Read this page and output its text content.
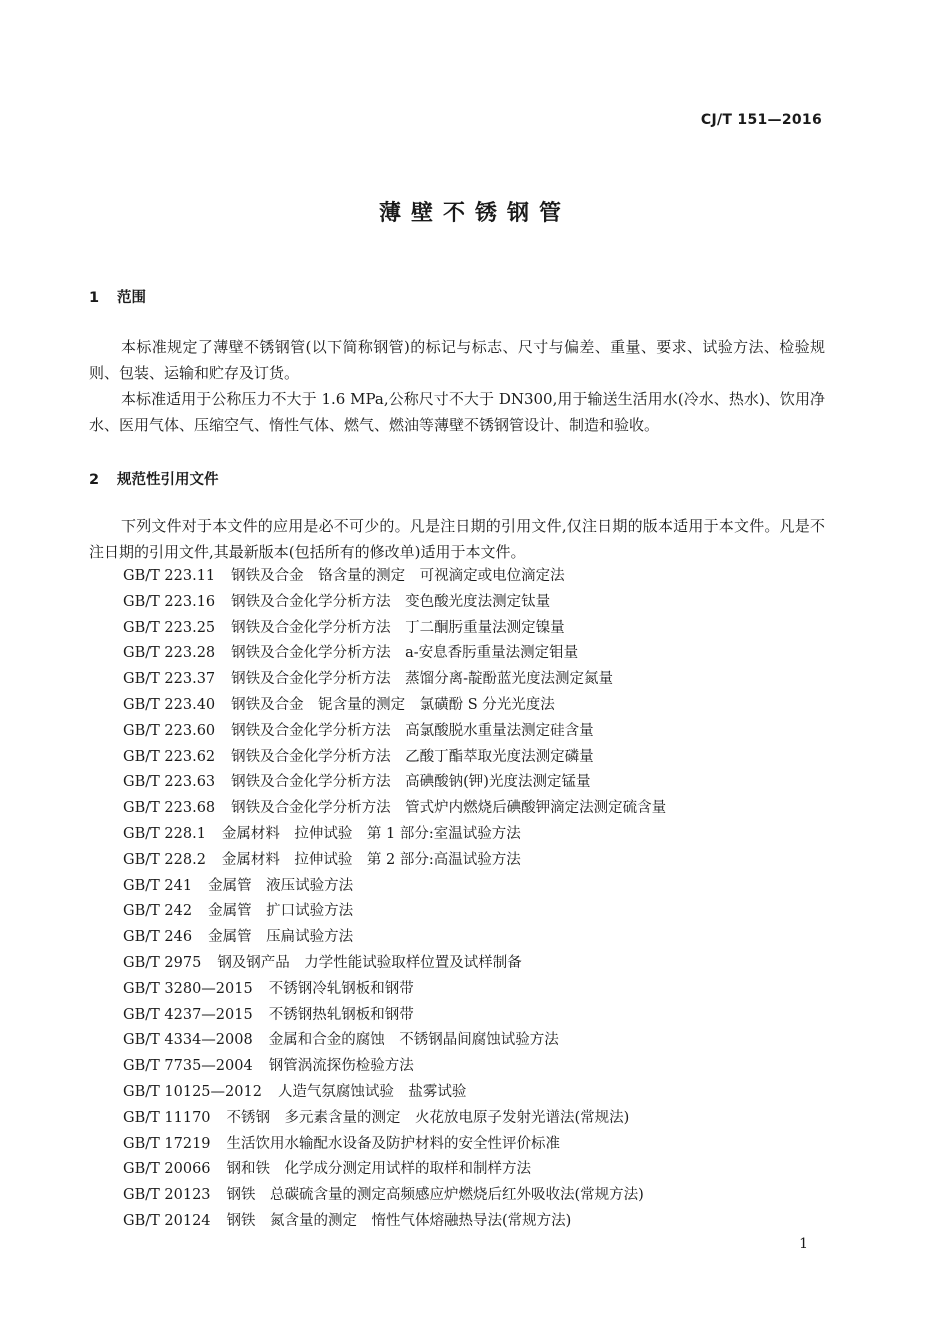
CJ/T 151—2016
薄壁不锈钢管
1 范围

本标准规定了薄壁不锈钢管(以下简称钢管)的标记与标志、尺寸与偏差、重量、要求、试验方法、检验规则、包装、运输和贮存及订货。

本标准适用于公称压力不大于 1.6 MPa,公称尺寸不大于 DN300,用于输送生活用水(冷水、热水)、饮用净水、医用气体、压缩空气、惰性气体、燃气、燃油等薄壁不锈钢管设计、制造和验收。

2 规范性引用文件

下列文件对于本文件的应用是必不可少的。凡是注日期的引用文件,仅注日期的版本适用于本文件。凡是不注日期的引用文件,其最新版本(包括所有的修改单)适用于本文件。

GB/T 223.11 钢铁及合金　铬含量的测定　可视滴定或电位滴定法
GB/T 223.16 钢铁及合金化学分析方法　变色酸光度法测定钛量
GB/T 223.25 钢铁及合金化学分析方法　丁二酮肟重量法测定镍量
GB/T 223.28 钢铁及合金化学分析方法　a-安息香肟重量法测定钼量
GB/T 223.37 钢铁及合金化学分析方法　蒸馏分离-靛酚蓝光度法测定氮量
GB/T 223.40 钢铁及合金　铌含量的测定　氯磺酚 S 分光光度法
GB/T 223.60 钢铁及合金化学分析方法　高氯酸脱水重量法测定硅含量
GB/T 223.62 钢铁及合金化学分析方法　乙酸丁酯萃取光度法测定磷量
GB/T 223.63 钢铁及合金化学分析方法　高碘酸钠(钾)光度法测定锰量
GB/T 223.68 钢铁及合金化学分析方法　管式炉内燃烧后碘酸钾滴定法测定硫含量
GB/T 228.1 金属材料　拉伸试验　第 1 部分:室温试验方法
GB/T 228.2 金属材料　拉伸试验　第 2 部分:高温试验方法
GB/T 241 金属管　液压试验方法
GB/T 242 金属管　扩口试验方法
GB/T 246 金属管　压扁试验方法
GB/T 2975 钢及钢产品　力学性能试验取样位置及试样制备
GB/T 3280—2015 不锈钢冷轧钢板和钢带
GB/T 4237—2015 不锈钢热轧钢板和钢带
GB/T 4334—2008 金属和合金的腐蚀　不锈钢晶间腐蚀试验方法
GB/T 7735—2004 钢管涡流探伤检验方法
GB/T 10125—2012 人造气氛腐蚀试验　盐雾试验
GB/T 11170 不锈钢　多元素含量的测定　火花放电原子发射光谱法(常规法)
GB/T 17219 生活饮用水输配水设备及防护材料的安全性评价标准
GB/T 20066 钢和铁　化学成分测定用试样的取样和制样方法
GB/T 20123 钢铁　总碳硫含量的测定高频感应炉燃烧后红外吸收法(常规方法)
GB/T 20124 钢铁　氮含量的测定　惰性气体熔融热导法(常规方法)
1
